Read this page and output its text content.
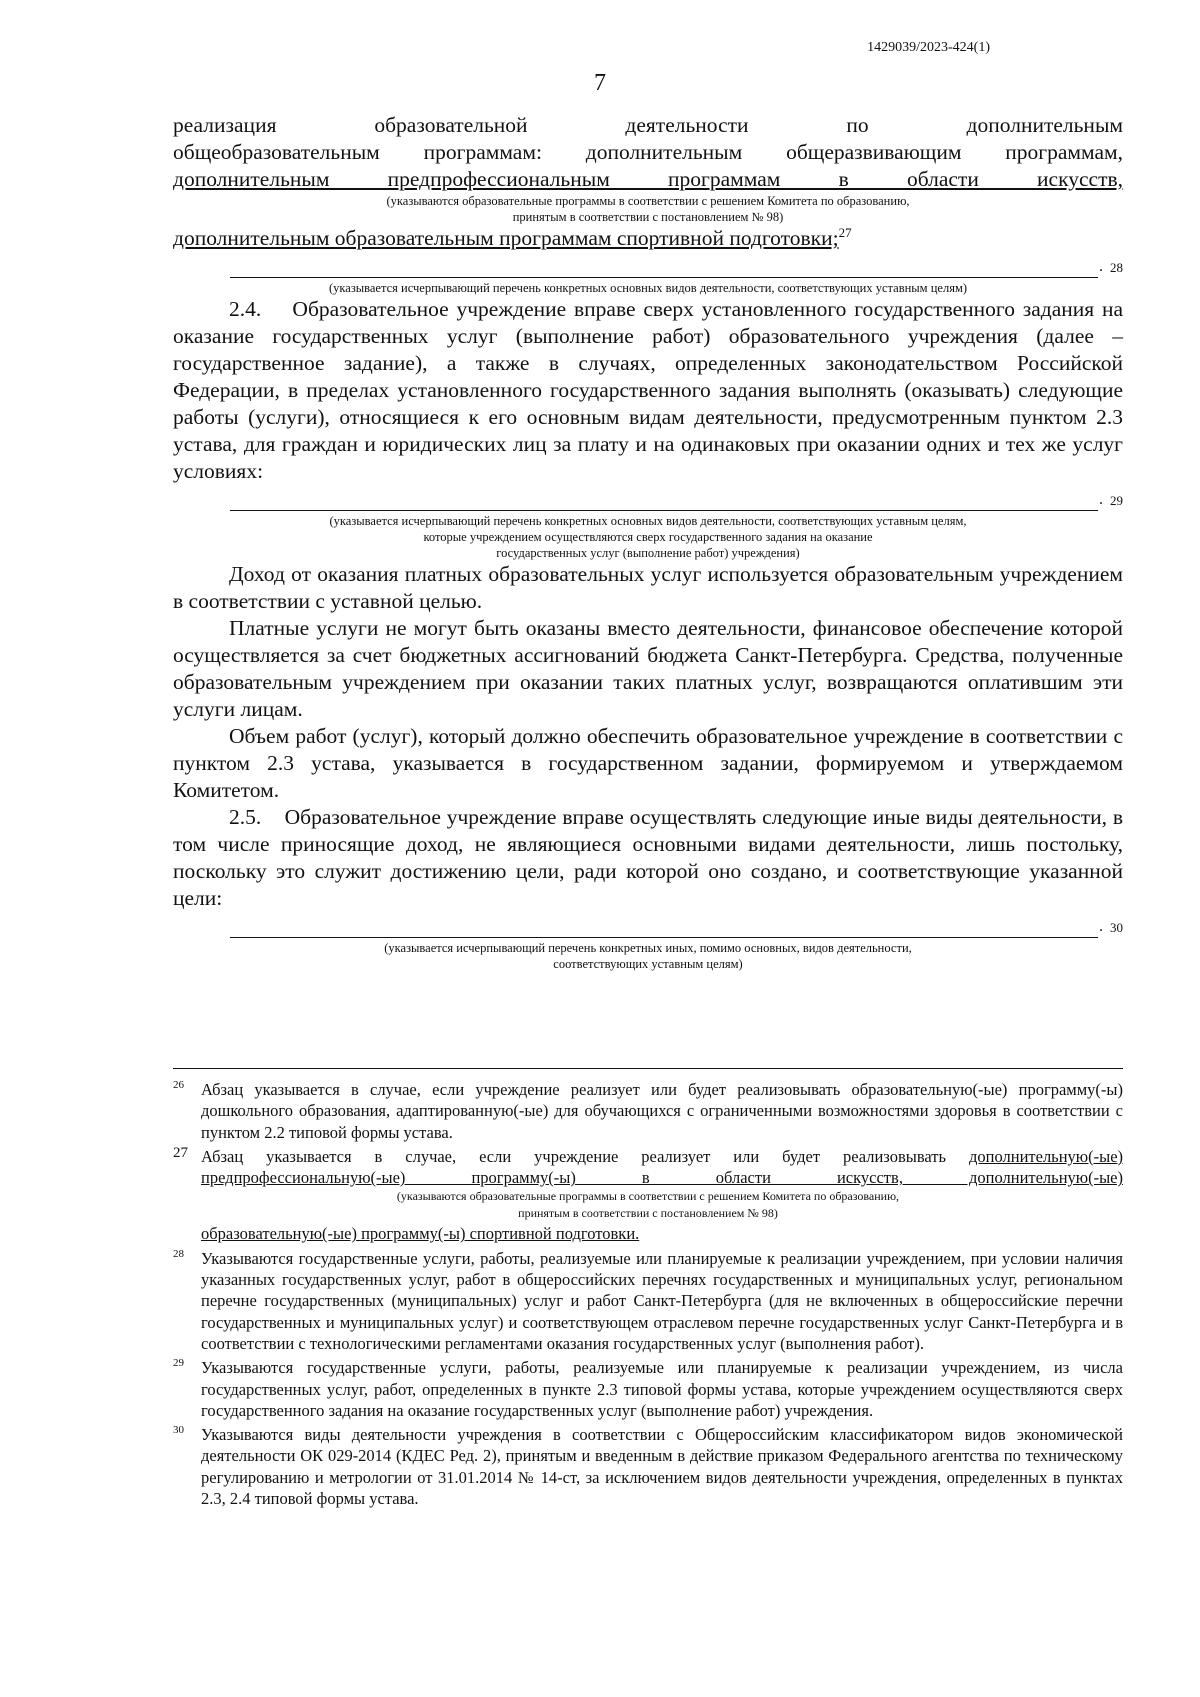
1429039/2023-424(1)
7

реализация образовательной деятельности по дополнительным

общеобразовательным программам: дополнительным общеразвивающим программам,

дополнительным предпрофессиональным программам в области искусств,

(указываются образовательные программы в соответствии с решением Комитета по образованию,

принятым в соответствии с постановлением № 98)

дополнительным образовательным программам спортивной подготовки;$^{27}$

28
.

(указывается исчерпывающий перечень конкретных основных видов деятельности, соответствующих уставным целям)

2.4. Образовательное учреждение вправе сверх установленного государственного задания на оказание государственных услуг (выполнение работ) образовательного учреждения (далее – государственное задание), а также в случаях, определенных законодательством Российской Федерации, в пределах установленного государственного задания выполнять (оказывать) следующие работы (услуги), относящиеся к его основным видам деятельности, предусмотренным пунктом 2.3 устава, для граждан и юридических лиц за плату и на одинаковых при оказании одних и тех же услуг условиях:

29
.

(указывается исчерпывающий перечень конкретных основных видов деятельности, соответствующих уставным целям,

которые учреждением осуществляются сверх государственного задания на оказание

государственных услуг (выполнение работ) учреждения)

Доход от оказания платных образовательных услуг используется образовательным учреждением в соответствии с уставной целью.

Платные услуги не могут быть оказаны вместо деятельности, финансовое обеспечение которой осуществляется за счет бюджетных ассигнований бюджета Санкт-Петербурга. Средства, полученные образовательным учреждением при оказании таких платных услуг, возвращаются оплатившим эти услуги лицам.

Объем работ (услуг), который должно обеспечить образовательное учреждение в соответствии с пунктом 2.3 устава, указывается в государственном задании, формируемом и утверждаемом Комитетом.

2.5. Образовательное учреждение вправе осуществлять следующие иные виды деятельности, в том числе приносящие доход, не являющиеся основными видами деятельности, лишь постольку, поскольку это служит достижению цели, ради которой оно создано, и соответствующие указанной цели:

30
.

(указывается исчерпывающий перечень конкретных иных, помимо основных, видов деятельности,

соответствующих уставным целям)

26 Абзац указывается в случае, если учреждение реализует или будет реализовывать образовательную(-ые) программу(-ы) дошкольного образования, адаптированную(-ые) для обучающихся с ограниченными возможностями здоровья в соответствии с пунктом 2.2 типовой формы устава.

27 Абзац указывается в случае, если учреждение реализует или будет реализовывать дополнительную(-ые)

предпрофессиональную(-ые) программу(-ы) в области искусств, дополнительную(-ые)

(указываются образовательные программы в соответствии с решением Комитета по образованию,

принятым в соответствии с постановлением № 98)

образовательную(-ые) программу(-ы) спортивной подготовки.

28 Указываются государственные услуги, работы, реализуемые или планируемые к реализации учреждением, при условии наличия указанных государственных услуг, работ в общероссийских перечнях государственных и муниципальных услуг, региональном перечне государственных (муниципальных) услуг и работ Санкт-Петербурга (для не включенных в общероссийские перечни государственных и муниципальных услуг) и соответствующем отраслевом перечне государственных услуг Санкт-Петербурга и в соответствии с технологическими регламентами оказания государственных услуг (выполнения работ).

29 Указываются государственные услуги, работы, реализуемые или планируемые к реализации учреждением, из числа государственных услуг, работ, определенных в пункте 2.3 типовой формы устава, которые учреждением осуществляются сверх государственного задания на оказание государственных услуг (выполнение работ) учреждения.

30 Указываются виды деятельности учреждения в соответствии с Общероссийским классификатором видов экономической деятельности ОК 029-2014 (КДЕС Ред. 2), принятым и введенным в действие приказом Федерального агентства по техническому регулированию и метрологии от 31.01.2014 № 14-ст, за исключением видов деятельности учреждения, определенных в пунктах 2.3, 2.4 типовой формы устава.
